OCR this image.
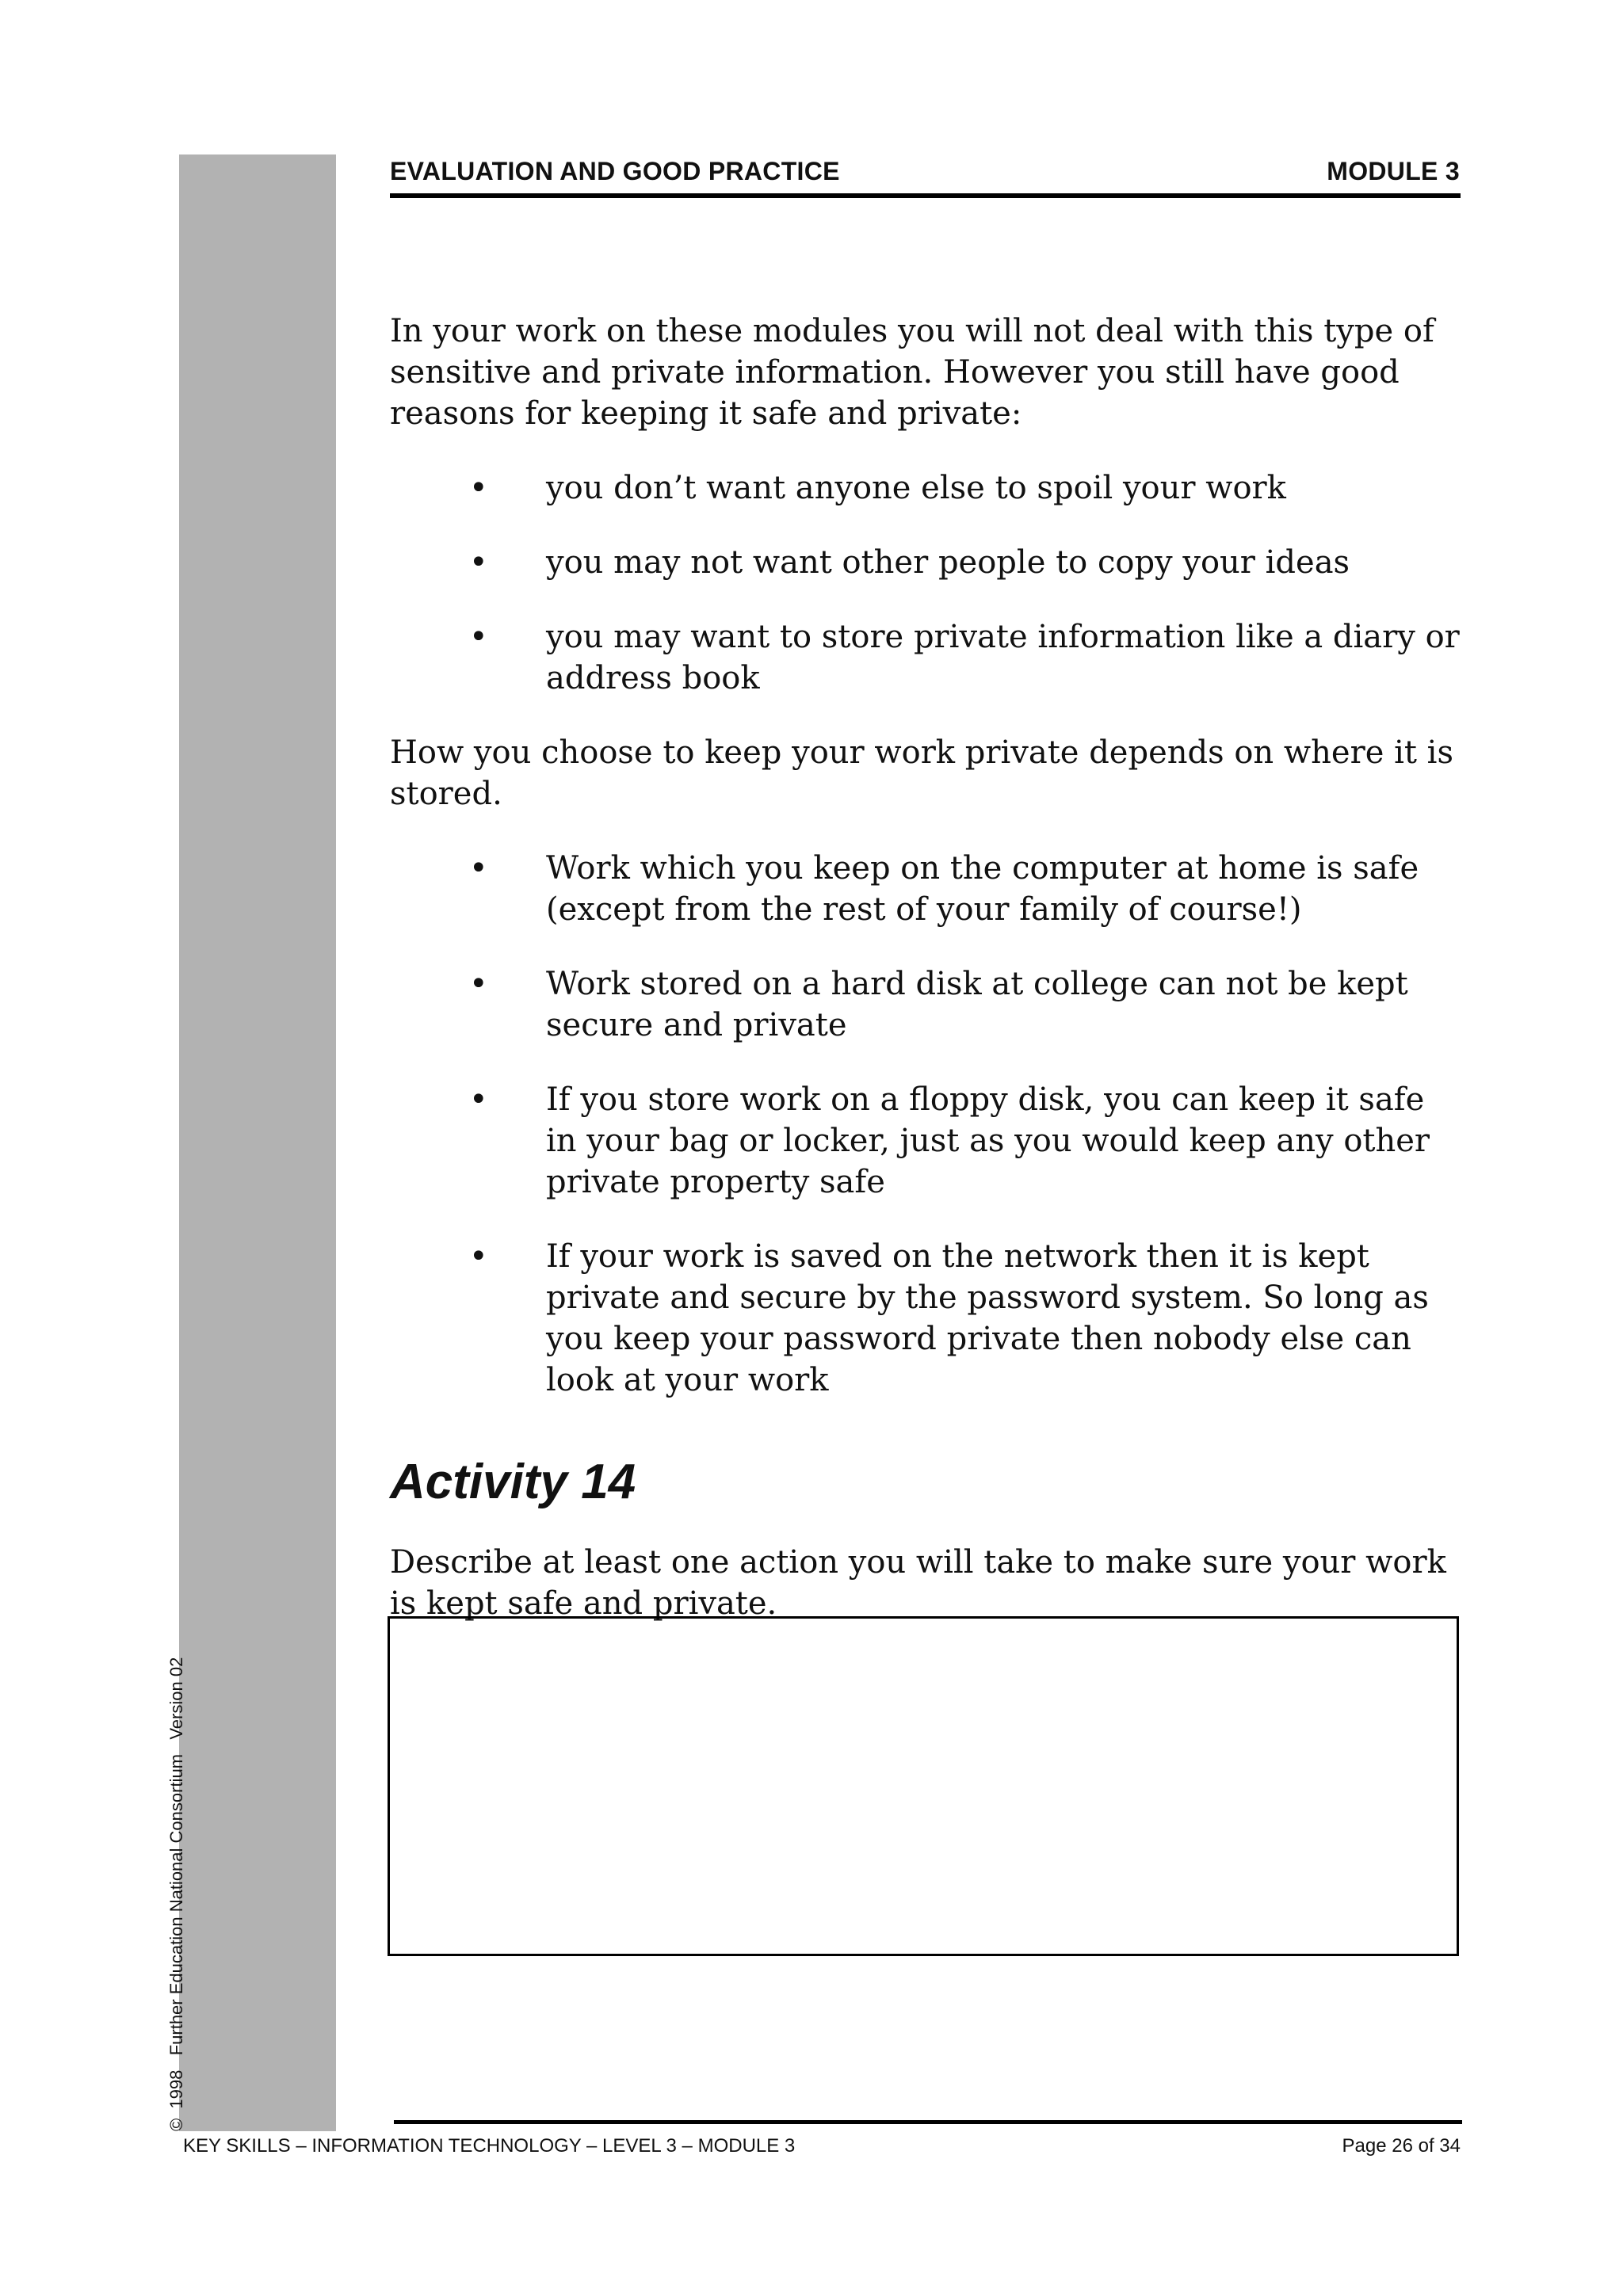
©  1998   Further Education National Consortium   Version 02
EVALUATION AND GOOD PRACTICE	MODULE 3

In your work on these modules you will not deal with this type of sensitive and private information. However you still have good reasons for keeping it safe and private:

• you don’t want anyone else to spoil your work
• you may not want other people to copy your ideas
• you may want to store private information like a diary or address book

How you choose to keep your work private depends on where it is stored.

• Work which you keep on the computer at home is safe (except from the rest of your family of course!)
• Work stored on a hard disk at college can not be kept secure and private
• If you store work on a floppy disk, you can keep it safe in your bag or locker, just as you would keep any other private property safe
• If your work is saved on the network then it is kept private and secure by the password system. So long as you keep your password private then nobody else can look at your work
Activity 14

Describe at least one action you will take to make sure your work is kept safe and private.

KEY SKILLS – INFORMATION TECHNOLOGY – LEVEL 3 – MODULE 3	Page 26 of 34
